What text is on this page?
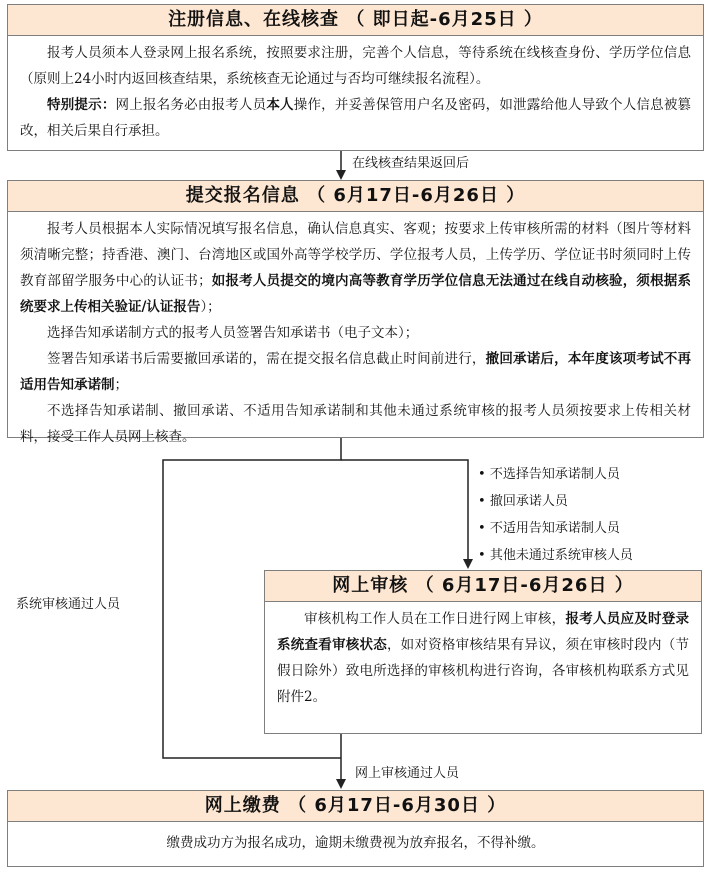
注册信息、在线核查 （ 即日起-6月25日 ）

报考人员须本人登录网上报名系统，按照要求注册，完善个人信息，等待系统在线核查身份、学历学位信息（原则上24小时内返回核查结果，系统核查无论通过与否均可继续报名流程）。

特别提示：网上报名务必由报考人员本人操作，并妥善保管用户名及密码，如泄露给他人导致个人信息被篡改，相关后果自行承担。

在线核查结果返回后
提交报名信息 （ 6月17日-6月26日 ）

报考人员根据本人实际情况填写报名信息，确认信息真实、客观；按要求上传审核所需的材料（图片等材料须清晰完整；持香港、澳门、台湾地区或国外高等学校学历、学位报考人员，上传学历、学位证书时须同时上传教育部留学服务中心的认证书；如报考人员提交的境内高等教育学历学位信息无法通过在线自动核验，须根据系统要求上传相关验证/认证报告）；

选择告知承诺制方式的报考人员签署告知承诺书（电子文本）；

签署告知承诺书后需要撤回承诺的，需在提交报名信息截止时间前进行，撤回承诺后，本年度该项考试不再适用告知承诺制；

不选择告知承诺制、撤回承诺、不适用告知承诺制和其他未通过系统审核的报考人员须按要求上传相关材料，接受工作人员网上核查。

• 不选择告知承诺制人员
• 撤回承诺人员
• 不适用告知承诺制人员
• 其他未通过系统审核人员
系统审核通过人员
网上审核 （ 6月17日-6月26日 ）

审核机构工作人员在工作日进行网上审核，报考人员应及时登录系统查看审核状态，如对资格审核结果有异议，须在审核时段内（节假日除外）致电所选择的审核机构进行咨询，各审核机构联系方式见附件2。

网上审核通过人员
网上缴费 （ 6月17日-6月30日 ）
缴费成功方为报名成功，逾期未缴费视为放弃报名，不得补缴。
